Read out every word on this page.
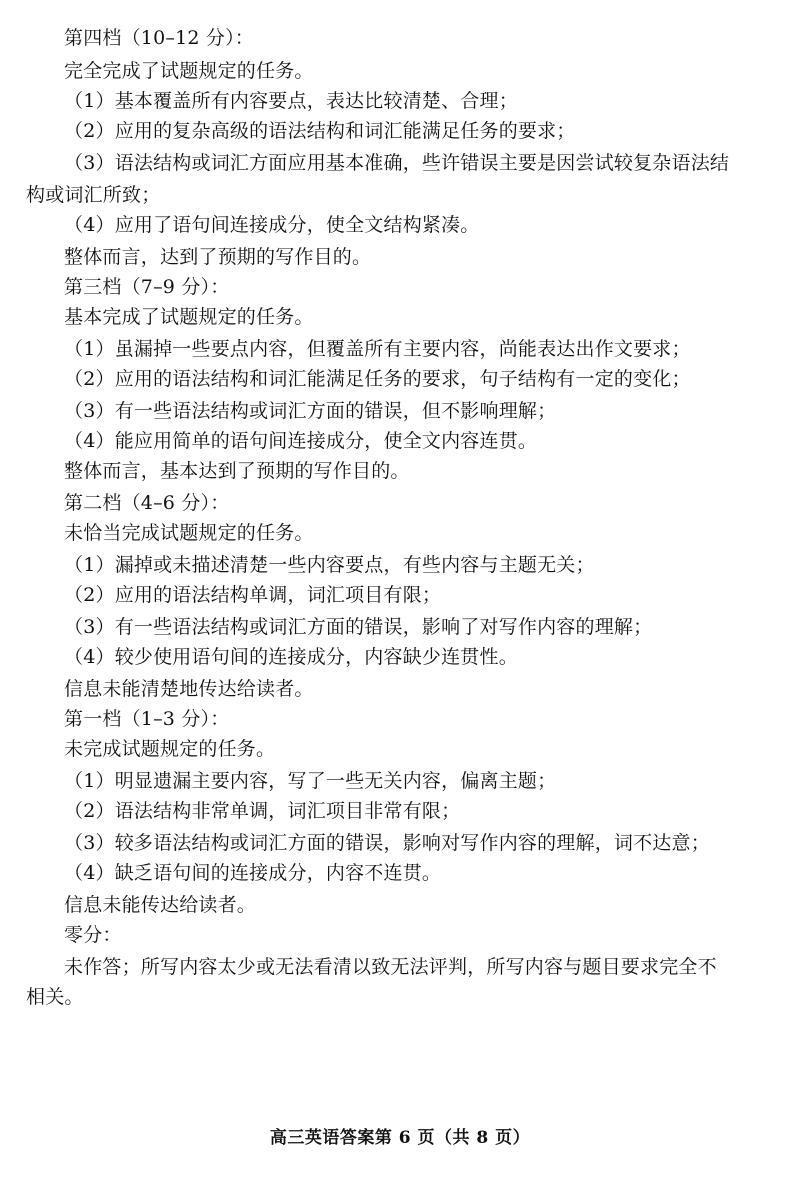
第四档（10–12 分）：
完全完成了试题规定的任务。
（1）基本覆盖所有内容要点，表达比较清楚、合理；
（2）应用的复杂高级的语法结构和词汇能满足任务的要求；
（3）语法结构或词汇方面应用基本准确，些许错误主要是因尝试较复杂语法结
构或词汇所致；
（4）应用了语句间连接成分，使全文结构紧凑。
整体而言，达到了预期的写作目的。
第三档（7–9 分）：
基本完成了试题规定的任务。
（1）虽漏掉一些要点内容，但覆盖所有主要内容，尚能表达出作文要求；
（2）应用的语法结构和词汇能满足任务的要求，句子结构有一定的变化；
（3）有一些语法结构或词汇方面的错误，但不影响理解；
（4）能应用简单的语句间连接成分，使全文内容连贯。
整体而言，基本达到了预期的写作目的。
第二档（4–6 分）：
未恰当完成试题规定的任务。
（1）漏掉或未描述清楚一些内容要点，有些内容与主题无关；
（2）应用的语法结构单调，词汇项目有限；
（3）有一些语法结构或词汇方面的错误，影响了对写作内容的理解；
（4）较少使用语句间的连接成分，内容缺少连贯性。
信息未能清楚地传达给读者。
第一档（1–3 分）：
未完成试题规定的任务。
（1）明显遗漏主要内容，写了一些无关内容，偏离主题；
（2）语法结构非常单调，词汇项目非常有限；
（3）较多语法结构或词汇方面的错误，影响对写作内容的理解，词不达意；
（4）缺乏语句间的连接成分，内容不连贯。
信息未能传达给读者。
零分：
未作答；所写内容太少或无法看清以致无法评判，所写内容与题目要求完全不
相关。
高三英语答案第 6 页（共 8 页）
